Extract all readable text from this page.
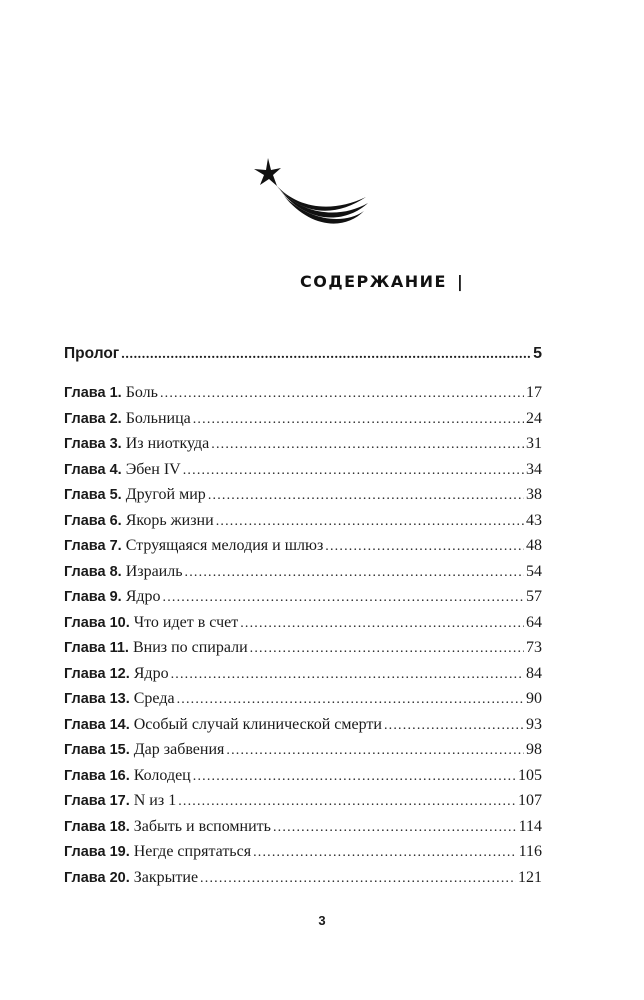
СОДЕРЖАНИЕ |
Пролог .....	5
Глава 1. Боль .....	17
Глава 2. Больница .....	24
Глава 3. Из ниоткуда .....	31
Глава 4. Эбен IV .....	34
Глава 5. Другой мир .....	38
Глава 6. Якорь жизни .....	43
Глава 7. Струящаяся мелодия и шлюз .....	48
Глава 8. Израиль .....	54
Глава 9. Ядро .....	57
Глава 10. Что идет в счет .....	64
Глава 11. Вниз по спирали .....	73
Глава 12. Ядро .....	84
Глава 13. Среда .....	90
Глава 14. Особый случай клинической смерти .....	93
Глава 15. Дар забвения .....	98
Глава 16. Колодец .....	105
Глава 17. N из 1 .....	107
Глава 18. Забыть и вспомнить .....	114
Глава 19. Негде спрятаться .....	116
Глава 20. Закрытие .....	121
3
